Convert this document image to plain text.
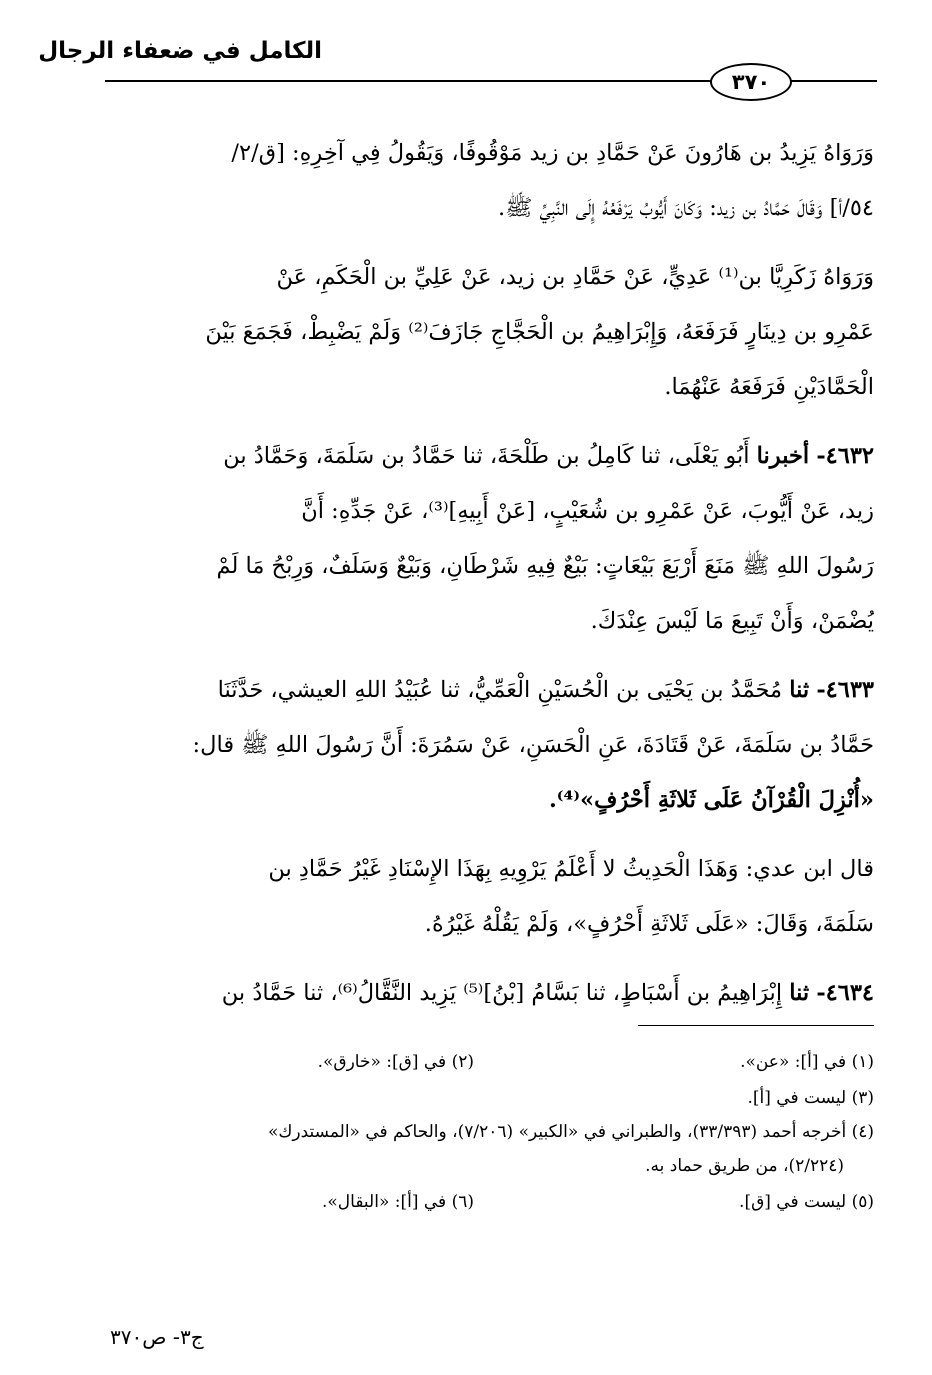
الكامل في ضعفاء الرجال
٣٧٠
وَرَوَاهُ يَزِيدُ بن هَارُونَ عَنْ حَمَّادِ بن زيد مَوْقُوفًا، وَيَقُولُ فِي آخِرِهِ: [ق/٢/
٥٤/أ] وَقَالَ حَمَّادُ بن زيد: وَكَانَ أَيُّوبُ يَرْفَعُهُ إِلَى النَّبِيِّ ﷺ.
وَرَوَاهُ زَكَرِيَّا بن⁽¹⁾ عَدِيٍّ، عَنْ حَمَّادِ بن زيد، عَنْ عَلِيِّ بن الْحَكَمِ، عَنْ
عَمْرِو بن دِينَارٍ فَرَفَعَهُ، وَإِبْرَاهِيمُ بن الْحَجَّاجِ جَازَفَ⁽²⁾ وَلَمْ يَضْبِطْ، فَجَمَعَ بَيْنَ
الْحَمَّادَيْنِ فَرَفَعَهُ عَنْهُمَا.
٤٦٣٢- أخبرنا أَبُو يَعْلَى، ثنا كَامِلُ بن طَلْحَةَ، ثنا حَمَّادُ بن سَلَمَةَ، وَحَمَّادُ بن
زيد، عَنْ أَيُّوبَ، عَنْ عَمْرِو بن شُعَيْبٍ، [عَنْ أَبِيهِ]⁽³⁾، عَنْ جَدِّهِ: أَنَّ
رَسُولَ اللهِ ﷺ مَنَعَ أَرْبَعَ بَيْعَاتٍ: بَيْعٌ فِيهِ شَرْطَانِ، وَبَيْعٌ وَسَلَفٌ، وَرِبْحُ مَا لَمْ
يُضْمَنْ، وَأَنْ تَبِيعَ مَا لَيْسَ عِنْدَكَ.
٤٦٣٣- ثنا مُحَمَّدُ بن يَحْيَى بن الْحُسَيْنِ الْعَمِّيُّ، ثنا عُبَيْدُ اللهِ العيشي، حَدَّثَنَا
حَمَّادُ بن سَلَمَةَ، عَنْ قَتَادَةَ، عَنِ الْحَسَنِ، عَنْ سَمُرَةَ: أَنَّ رَسُولَ اللهِ ﷺ قال:
«أُنْزِلَ الْقُرْآنُ عَلَى ثَلاثَةِ أَحْرُفٍ»⁽⁴⁾.
قال ابن عدي: وَهَذَا الْحَدِيثُ لا أَعْلَمُ يَرْوِيهِ بِهَذَا الإِسْنَادِ غَيْرُ حَمَّادِ بن
سَلَمَةَ، وَقَالَ: «عَلَى ثَلاثَةِ أَحْرُفٍ»، وَلَمْ يَقُلْهُ غَيْرُهُ.
٤٦٣٤- ثنا إِبْرَاهِيمُ بن أَسْبَاطٍ، ثنا بَسَّامُ [بْنُ]⁽⁵⁾ يَزِيد النَّقَّالُ⁽⁶⁾، ثنا حَمَّادُ بن
(١) في [أ]: «عن».
(٢) في [ق]: «خارق».
(٣) ليست في [أ].
(٤) أخرجه أحمد (٣٣/٣٩٣)، والطبراني في «الكبير» (٧/٢٠٦)، والحاكم في «المستدرك»
(٢/٢٢٤)، من طريق حماد به.
(٥) ليست في [ق].
(٦) في [أ]: «البقال».
ج٣- ص٣٧٠
